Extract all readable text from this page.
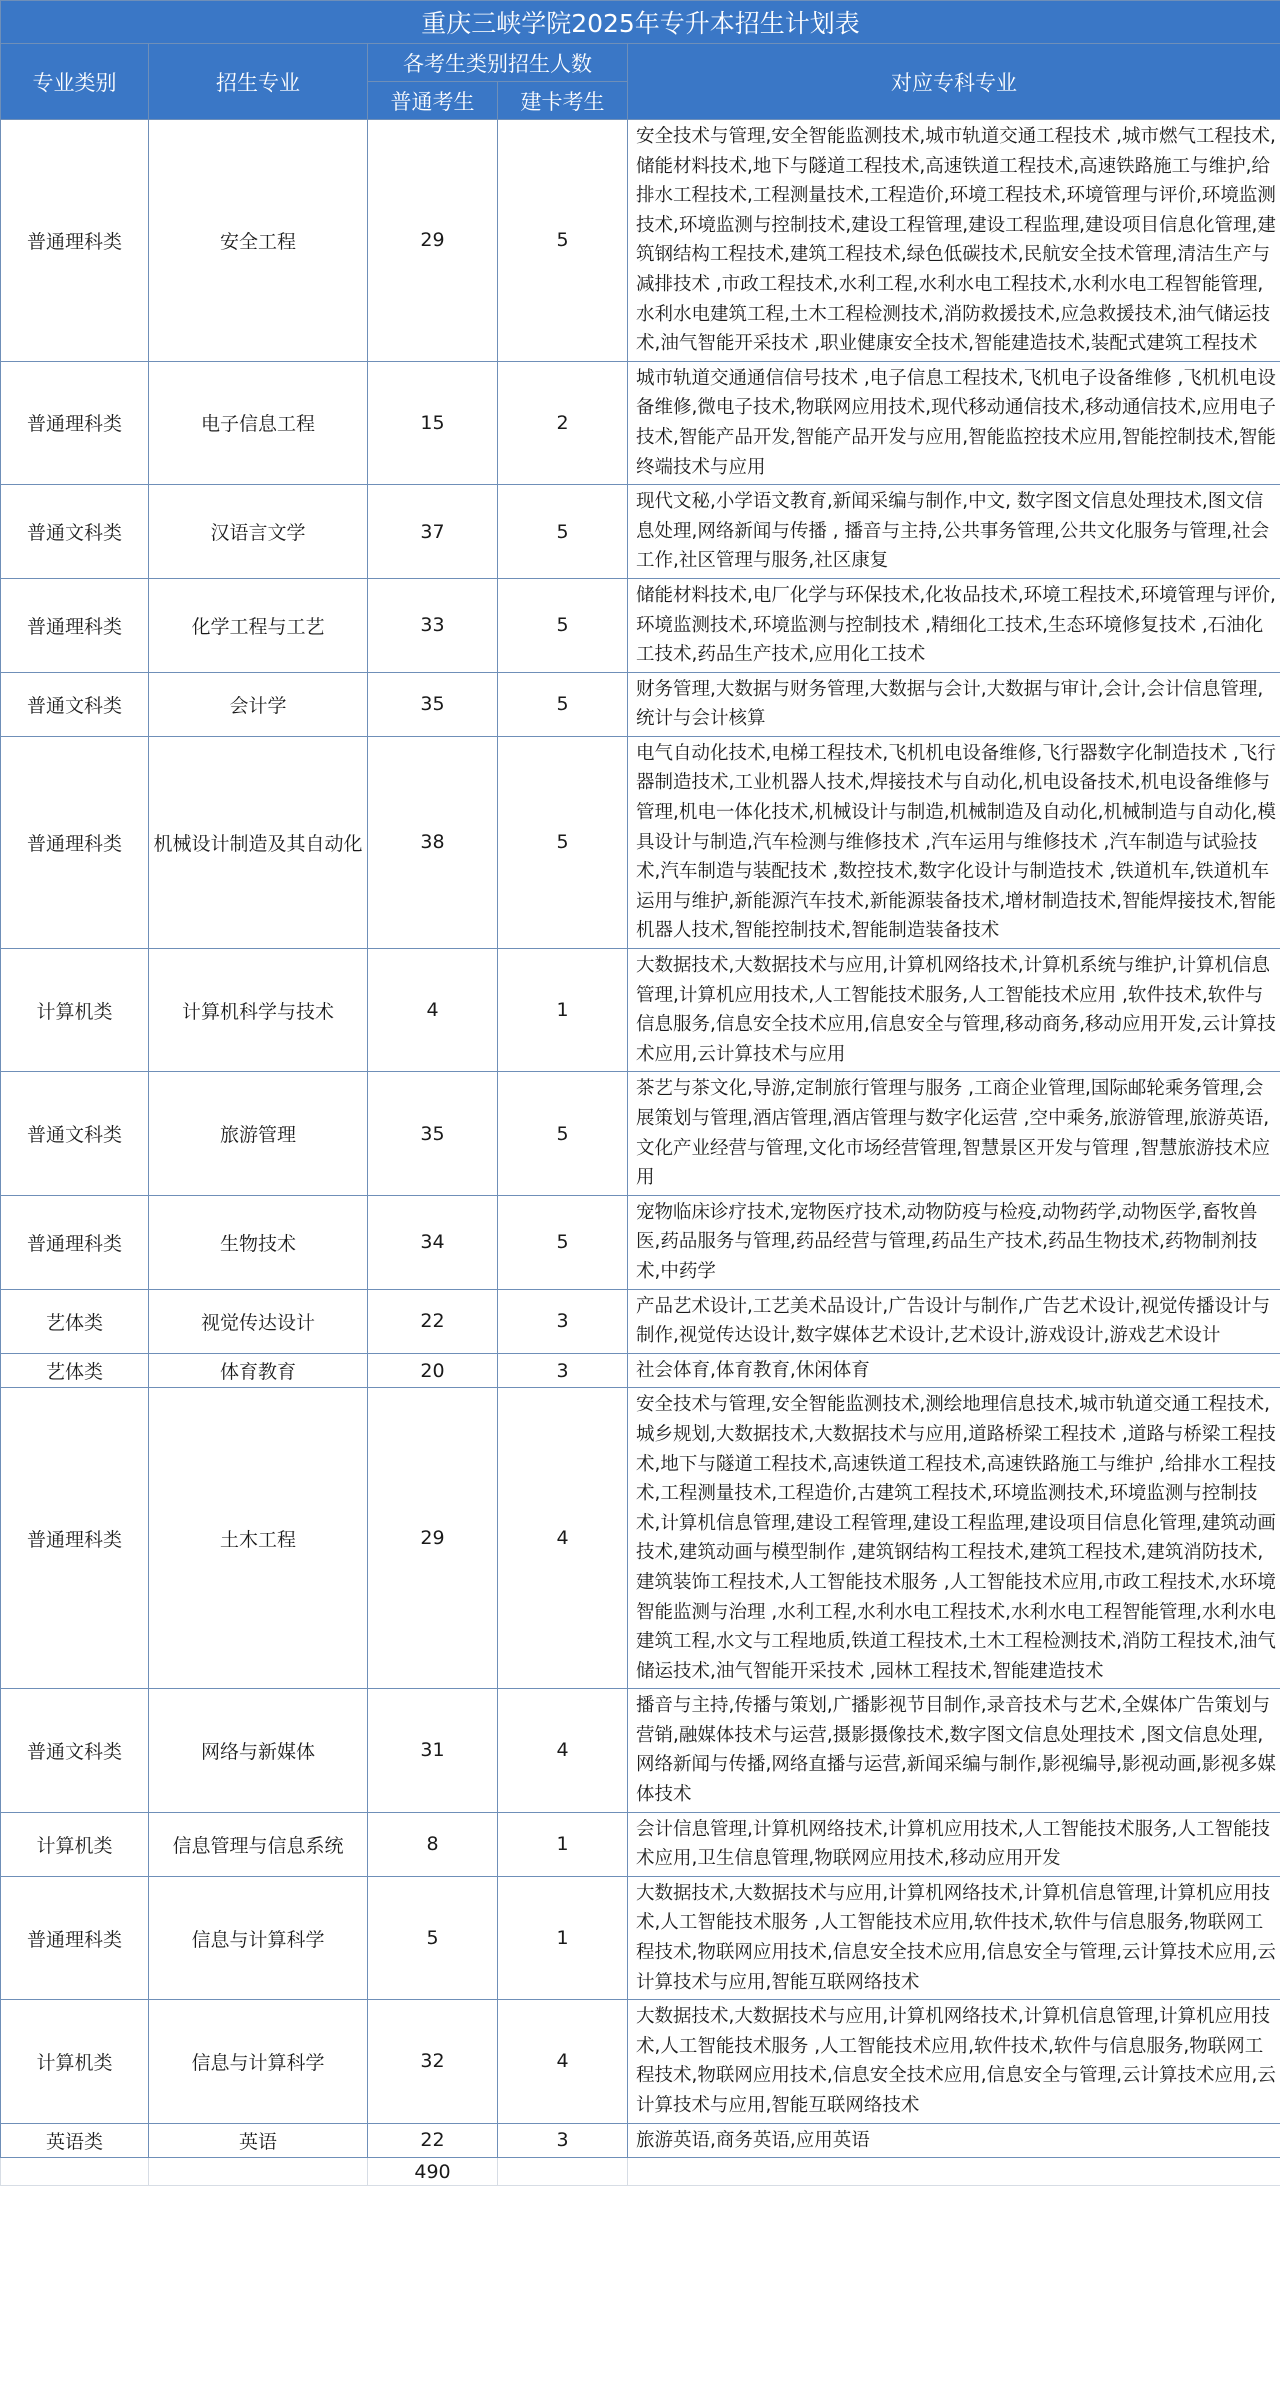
重庆三峡学院2025年专升本招生计划表				
专业类别	招生专业	各考生类别招生人数		对应专科专业
		普通考生	建卡考生	
普通理科类	安全工程	29	5	安全技术与管理,安全智能监测技术,城市轨道交通工程技术 ,城市燃气工程技术,储能材料技术,地下与隧道工程技术,高速铁道工程技术,高速铁路施工与维护,给排水工程技术,工程测量技术,工程造价,环境工程技术,环境管理与评价,环境监测技术,环境监测与控制技术,建设工程管理,建设工程监理,建设项目信息化管理,建筑钢结构工程技术,建筑工程技术,绿色低碳技术,民航安全技术管理,清洁生产与减排技术 ,市政工程技术,水利工程,水利水电工程技术,水利水电工程智能管理,水利水电建筑工程,土木工程检测技术,消防救援技术,应急救援技术,油气储运技术,油气智能开采技术 ,职业健康安全技术,智能建造技术,装配式建筑工程技术
普通理科类	电子信息工程	15	2	城市轨道交通通信信号技术 ,电子信息工程技术,飞机电子设备维修 ,飞机机电设备维修,微电子技术,物联网应用技术,现代移动通信技术,移动通信技术,应用电子技术,智能产品开发,智能产品开发与应用,智能监控技术应用,智能控制技术,智能终端技术与应用
普通文科类	汉语言文学	37	5	现代文秘,小学语文教育,新闻采编与制作,中文, 数字图文信息处理技术,图文信息处理,网络新闻与传播 , 播音与主持,公共事务管理,公共文化服务与管理,社会工作,社区管理与服务,社区康复
普通理科类	化学工程与工艺	33	5	储能材料技术,电厂化学与环保技术,化妆品技术,环境工程技术,环境管理与评价,环境监测技术,环境监测与控制技术 ,精细化工技术,生态环境修复技术 ,石油化工技术,药品生产技术,应用化工技术
普通文科类	会计学	35	5	财务管理,大数据与财务管理,大数据与会计,大数据与审计,会计,会计信息管理,统计与会计核算
普通理科类	机械设计制造及其自动化	38	5	电气自动化技术,电梯工程技术,飞机机电设备维修,飞行器数字化制造技术 ,飞行器制造技术,工业机器人技术,焊接技术与自动化,机电设备技术,机电设备维修与管理,机电一体化技术,机械设计与制造,机械制造及自动化,机械制造与自动化,模具设计与制造,汽车检测与维修技术 ,汽车运用与维修技术 ,汽车制造与试验技术,汽车制造与装配技术 ,数控技术,数字化设计与制造技术 ,铁道机车,铁道机车运用与维护,新能源汽车技术,新能源装备技术,增材制造技术,智能焊接技术,智能机器人技术,智能控制技术,智能制造装备技术
计算机类	计算机科学与技术	4	1	大数据技术,大数据技术与应用,计算机网络技术,计算机系统与维护,计算机信息管理,计算机应用技术,人工智能技术服务,人工智能技术应用 ,软件技术,软件与信息服务,信息安全技术应用,信息安全与管理,移动商务,移动应用开发,云计算技术应用,云计算技术与应用
普通文科类	旅游管理	35	5	茶艺与茶文化,导游,定制旅行管理与服务 ,工商企业管理,国际邮轮乘务管理,会展策划与管理,酒店管理,酒店管理与数字化运营 ,空中乘务,旅游管理,旅游英语,文化产业经营与管理,文化市场经营管理,智慧景区开发与管理 ,智慧旅游技术应用
普通理科类	生物技术	34	5	宠物临床诊疗技术,宠物医疗技术,动物防疫与检疫,动物药学,动物医学,畜牧兽医,药品服务与管理,药品经营与管理,药品生产技术,药品生物技术,药物制剂技术,中药学
艺体类	视觉传达设计	22	3	产品艺术设计,工艺美术品设计,广告设计与制作,广告艺术设计,视觉传播设计与制作,视觉传达设计,数字媒体艺术设计,艺术设计,游戏设计,游戏艺术设计
艺体类	体育教育	20	3	社会体育,体育教育,休闲体育
普通理科类	土木工程	29	4	安全技术与管理,安全智能监测技术,测绘地理信息技术,城市轨道交通工程技术,城乡规划,大数据技术,大数据技术与应用,道路桥梁工程技术 ,道路与桥梁工程技术,地下与隧道工程技术,高速铁道工程技术,高速铁路施工与维护 ,给排水工程技术,工程测量技术,工程造价,古建筑工程技术,环境监测技术,环境监测与控制技术,计算机信息管理,建设工程管理,建设工程监理,建设项目信息化管理,建筑动画技术,建筑动画与模型制作 ,建筑钢结构工程技术,建筑工程技术,建筑消防技术,建筑装饰工程技术,人工智能技术服务 ,人工智能技术应用,市政工程技术,水环境智能监测与治理 ,水利工程,水利水电工程技术,水利水电工程智能管理,水利水电建筑工程,水文与工程地质,铁道工程技术,土木工程检测技术,消防工程技术,油气储运技术,油气智能开采技术 ,园林工程技术,智能建造技术
普通文科类	网络与新媒体	31	4	播音与主持,传播与策划,广播影视节目制作,录音技术与艺术,全媒体广告策划与营销,融媒体技术与运营,摄影摄像技术,数字图文信息处理技术 ,图文信息处理,网络新闻与传播,网络直播与运营,新闻采编与制作,影视编导,影视动画,影视多媒体技术
计算机类	信息管理与信息系统	8	1	会计信息管理,计算机网络技术,计算机应用技术,人工智能技术服务,人工智能技术应用,卫生信息管理,物联网应用技术,移动应用开发
普通理科类	信息与计算科学	5	1	大数据技术,大数据技术与应用,计算机网络技术,计算机信息管理,计算机应用技术,人工智能技术服务 ,人工智能技术应用,软件技术,软件与信息服务,物联网工程技术,物联网应用技术,信息安全技术应用,信息安全与管理,云计算技术应用,云计算技术与应用,智能互联网络技术
计算机类	信息与计算科学	32	4	大数据技术,大数据技术与应用,计算机网络技术,计算机信息管理,计算机应用技术,人工智能技术服务 ,人工智能技术应用,软件技术,软件与信息服务,物联网工程技术,物联网应用技术,信息安全技术应用,信息安全与管理,云计算技术应用,云计算技术与应用,智能互联网络技术
英语类	英语	22	3	旅游英语,商务英语,应用英语
		490		
